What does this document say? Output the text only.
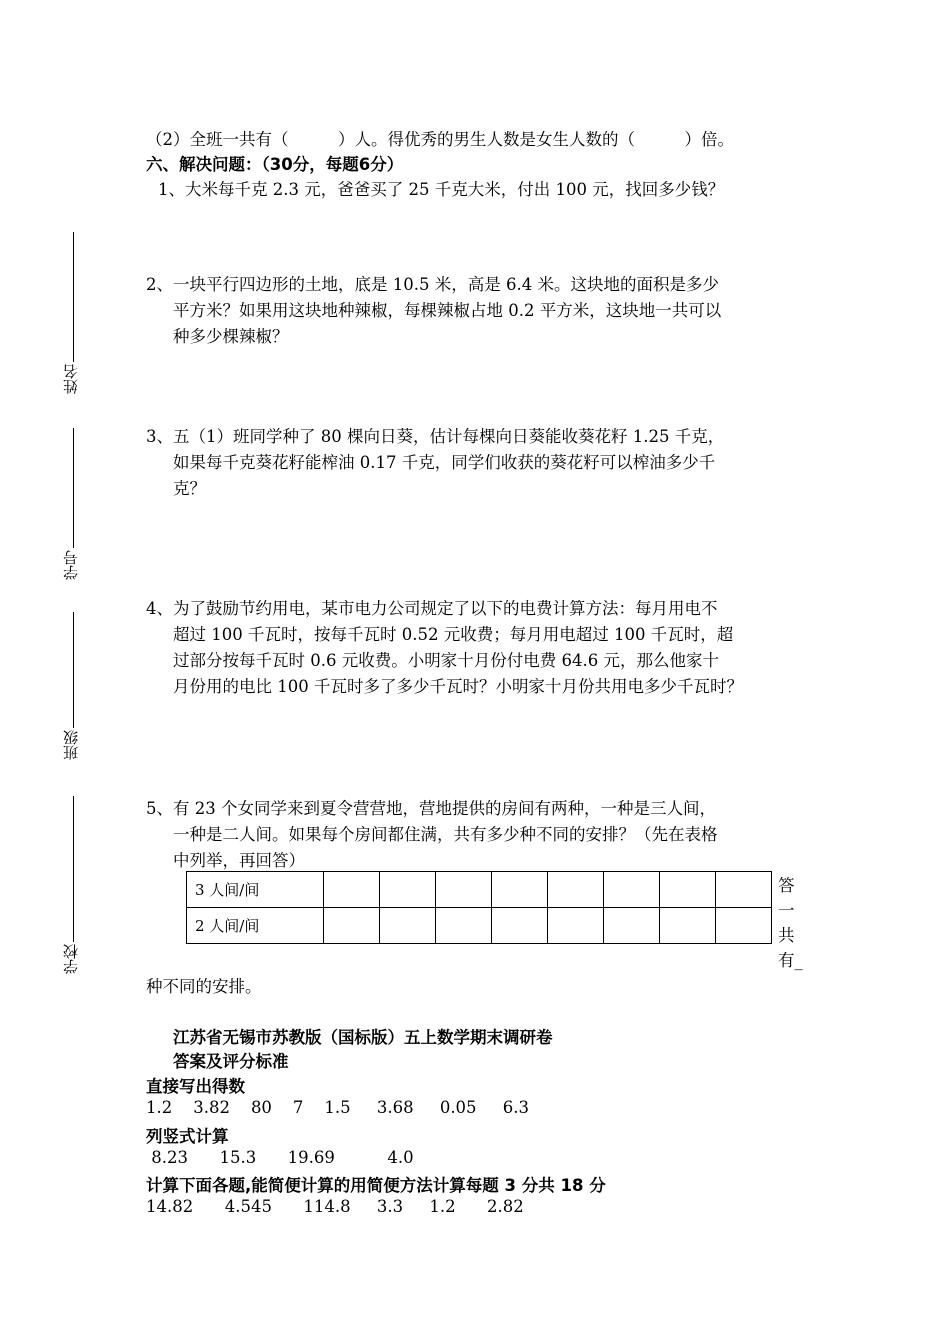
姓名
学号
班级
学校
（2）全班一共有（　　　）人。得优秀的男生人数是女生人数的（　　　）倍。
六、解决问题：（30分，每题6分）
1、大米每千克 2.3 元，爸爸买了 25 千克大米，付出 100 元，找回多少钱？
2、一块平行四边形的土地，底是 10.5 米，高是 6.4 米。这块地的面积是多少
平方米？如果用这块地种辣椒，每棵辣椒占地 0.2 平方米，这块地一共可以
种多少棵辣椒？
3、五（1）班同学种了 80 棵向日葵，估计每棵向日葵能收葵花籽 1.25 千克，
如果每千克葵花籽能榨油 0.17 千克，同学们收获的葵花籽可以榨油多少千
克？
4、为了鼓励节约用电，某市电力公司规定了以下的电费计算方法：每月用电不
超过 100 千瓦时，按每千瓦时 0.52 元收费；每月用电超过 100 千瓦时，超
过部分按每千瓦时 0.6 元收费。小明家十月份付电费 64.6 元，那么他家十
月份用的电比 100 千瓦时多了多少千瓦时？小明家十月份共用电多少千瓦时？
5、有 23 个女同学来到夏令营营地，营地提供的房间有两种，一种是三人间，
一种是二人间。如果每个房间都住满，共有多少种不同的安排？（先在表格
中列举，再回答）
3 人间/间								
2 人间/间								
答
一
共
有_
种不同的安排。
江苏省无锡市苏教版（国标版）五上数学期末调研卷
答案及评分标准
直接写出得数
1.2    3.82    80    7    1.5     3.68     0.05     6.3
列竖式计算
8.23      15.3      19.69          4.0
计算下面各题,能简便计算的用简便方法计算每题 3 分共 18 分
14.82      4.545      114.8     3.3     1.2      2.82
